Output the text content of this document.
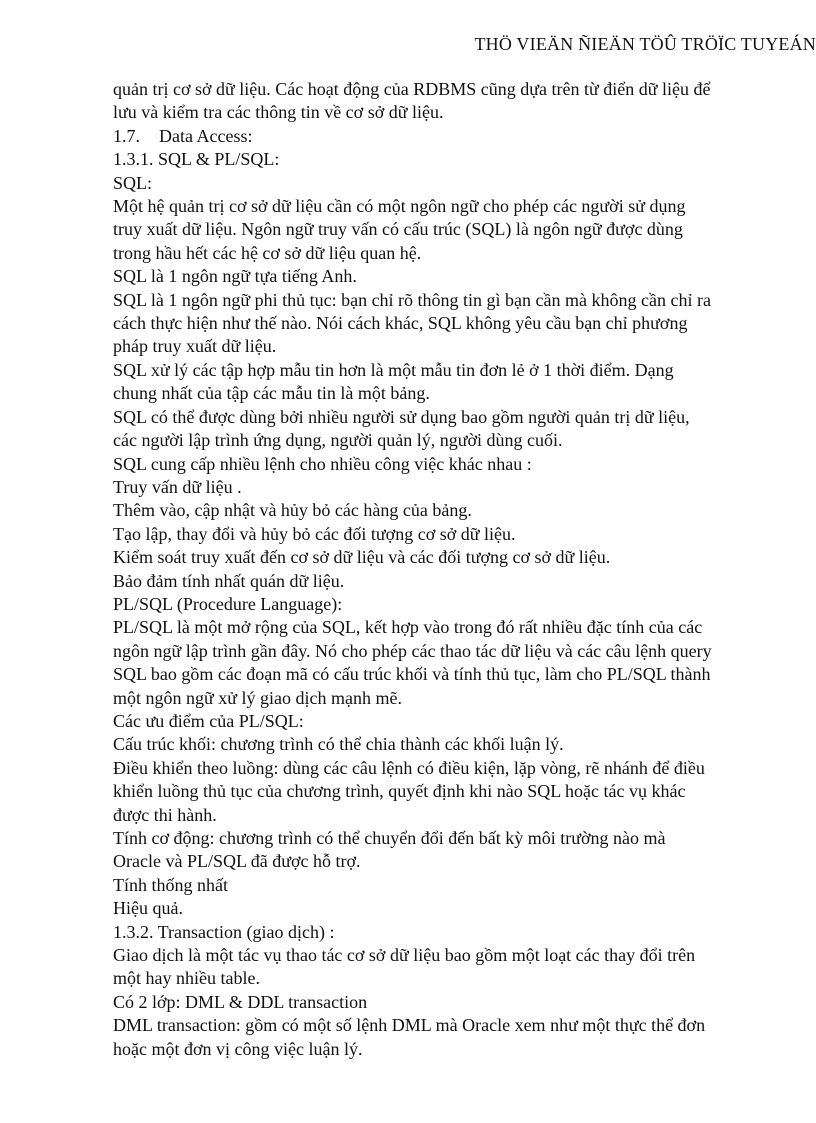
THÖ VIEÄN ÑIEÄN TÖÛ TRÖÏC TUYEÁN
quản trị cơ sở dữ liệu. Các hoạt động của RDBMS cũng dựa trên từ điển dữ liệu để
lưu và kiểm tra các thông tin về cơ sở dữ liệu.
1.7. Data Access:
1.3.1. SQL & PL/SQL:
SQL:
Một hệ quản trị cơ sở dữ liệu cần có một ngôn ngữ cho phép các người sử dụng
truy xuất dữ liệu. Ngôn ngữ truy vấn có cấu trúc (SQL) là ngôn ngữ được dùng
trong hầu hết các hệ cơ sở dữ liệu quan hệ.
SQL là 1 ngôn ngữ tựa tiếng Anh.
SQL là 1 ngôn ngữ phi thủ tục: bạn chỉ rõ thông tin gì bạn cần mà không cần chỉ ra
cách thực hiện như thế nào. Nói cách khác, SQL không yêu cầu bạn chỉ phương
pháp truy xuất dữ liệu.
SQL xử lý các tập hợp mẫu tin hơn là một mẫu tin đơn lẻ ở 1 thời điểm. Dạng
chung nhất của tập các mẫu tin là một bảng.
SQL có thể được dùng bởi nhiều người sử dụng bao gồm người quản trị dữ liệu,
các người lập trình ứng dụng, người quản lý, người dùng cuối.
SQL cung cấp nhiều lệnh cho nhiều công việc khác nhau :
Truy vấn dữ liệu .
Thêm vào, cập nhật và hủy bỏ các hàng của bảng.
Tạo lập, thay đổi và hủy bỏ các đối tượng cơ sở dữ liệu.
Kiểm soát truy xuất đến cơ sở dữ liệu và các đối tượng cơ sở dữ liệu.
Bảo đảm tính nhất quán dữ liệu.
PL/SQL (Procedure Language):
PL/SQL là một mở rộng của SQL, kết hợp vào trong đó rất nhiều đặc tính của các
ngôn ngữ lập trình gần đây. Nó cho phép các thao tác dữ liệu và các câu lệnh query
SQL bao gồm các đoạn mã có cấu trúc khối và tính thủ tục, làm cho PL/SQL thành
một ngôn ngữ xử lý giao dịch mạnh mẽ.
Các ưu điểm của PL/SQL:
Cấu trúc khối: chương trình có thể chia thành các khối luận lý.
Điều khiển theo luồng: dùng các câu lệnh có điều kiện, lặp vòng, rẽ nhánh để điều
khiển luồng thủ tục của chương trình, quyết định khi nào SQL hoặc tác vụ khác
được thi hành.
Tính cơ động: chương trình có thể chuyển đổi đến bất kỳ môi trường nào mà
Oracle và PL/SQL đã được hỗ trợ.
Tính thống nhất
Hiệu quả.
1.3.2. Transaction (giao dịch) :
Giao dịch là một tác vụ thao tác cơ sở dữ liệu bao gồm một loạt các thay đổi trên
một hay nhiều table.
Có 2 lớp: DML & DDL transaction
DML transaction: gồm có một số lệnh DML mà Oracle xem như một thực thể đơn
hoặc một đơn vị công việc luận lý.
